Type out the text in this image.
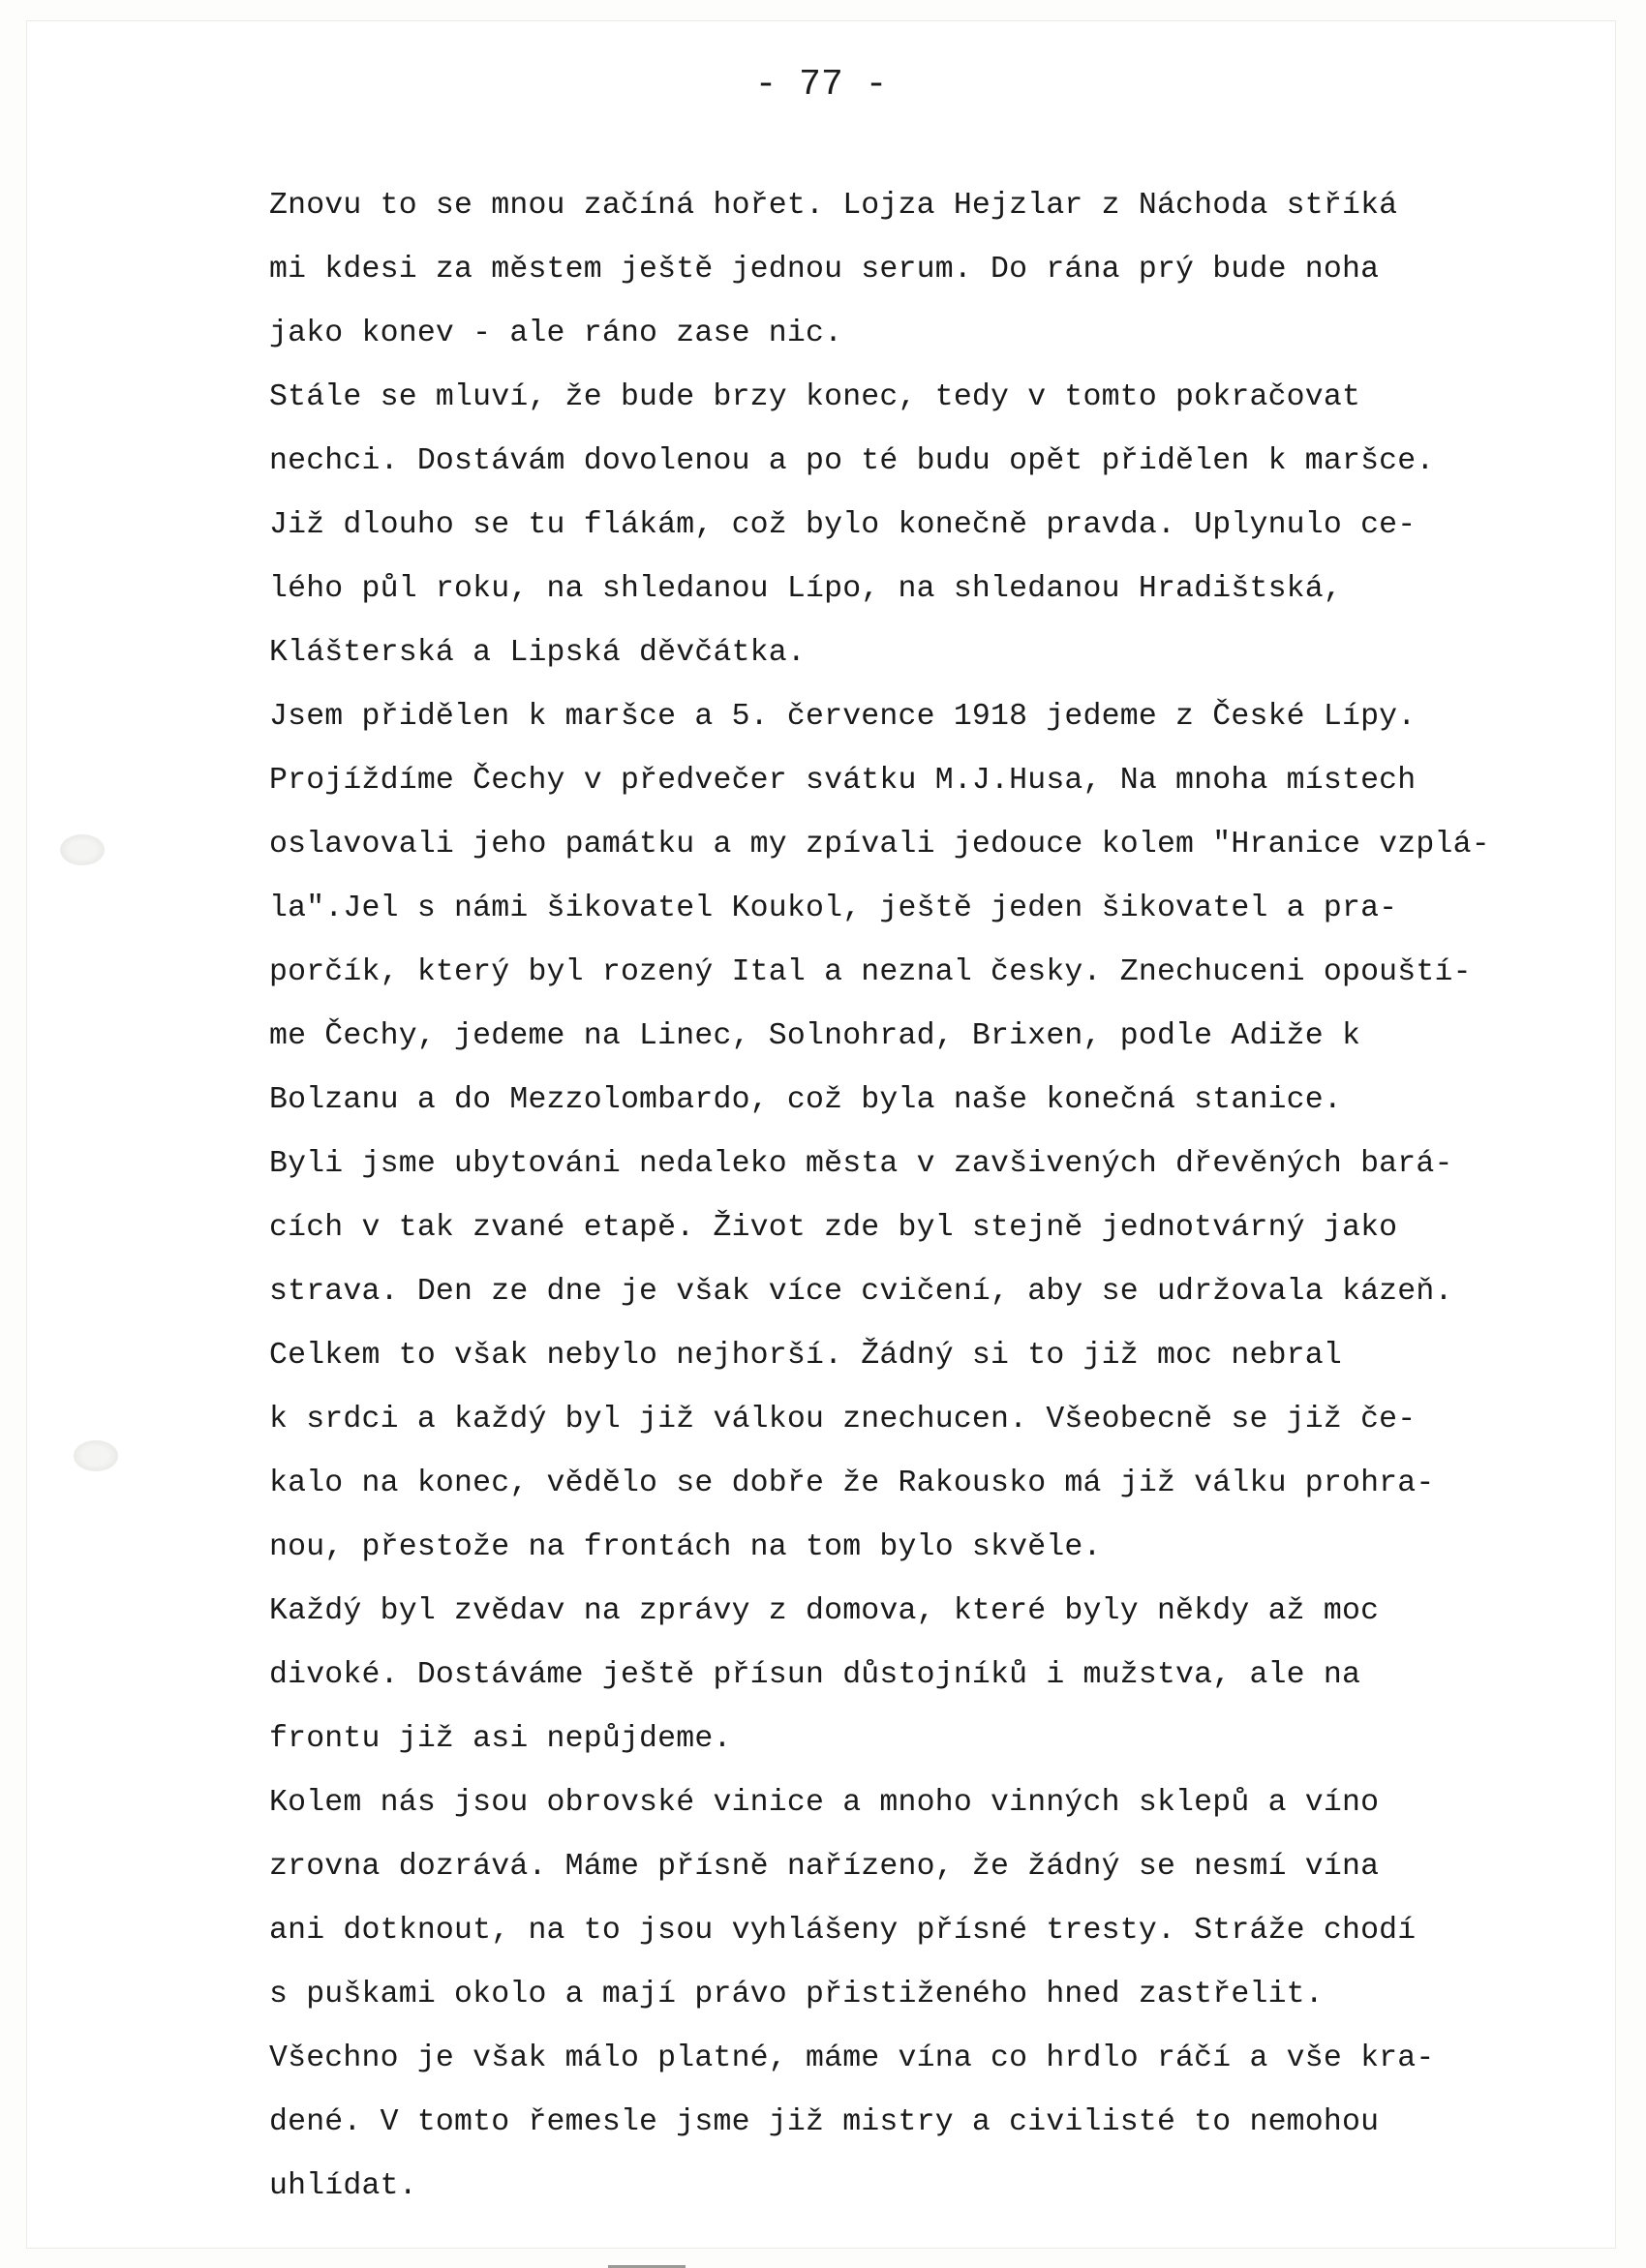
- 77 -
Znovu to se mnou začíná hořet. Lojza Hejzlar z Náchoda stříká
mi kdesi za městem ještě jednou serum. Do rána prý bude noha
jako konev - ale ráno zase nic.
Stále se mluví, že bude brzy konec, tedy v tomto pokračovat
nechci. Dostávám dovolenou a po té budu opět přidělen k maršce.
Již dlouho se tu flákám, což bylo konečně pravda. Uplynulo ce-
lého půl roku, na shledanou Lípo, na shledanou Hradištská,
Klášterská a Lipská děvčátka.
Jsem přidělen k maršce a 5. července 1918 jedeme z České Lípy.
Projíždíme Čechy v předvečer svátku M.J.Husa, Na mnoha místech
oslavovali jeho památku a my zpívali jedouce kolem "Hranice vzplá-
la".Jel s námi šikovatel Koukol, ještě jeden šikovatel a pra-
porčík, který byl rozený Ital a neznal česky. Znechuceni opouští-
me Čechy, jedeme na Linec, Solnohrad, Brixen, podle Adiže k
Bolzanu a do Mezzolombardo, což byla naše konečná stanice.
Byli jsme ubytováni nedaleko města v zavšivených dřevěných bará-
cích v tak zvané etapě. Život zde byl stejně jednotvárný jako
strava. Den ze dne je však více cvičení, aby se udržovala kázeň.
Celkem to však nebylo nejhorší. Žádný si to již moc nebral
k srdci a každý byl již válkou znechucen. Všeobecně se již če-
kalo na konec, vědělo se dobře že Rakousko má již válku prohra-
nou, přestože na frontách na tom bylo skvěle.
Každý byl zvědav na zprávy z domova, které byly někdy až moc
divoké. Dostáváme ještě přísun důstojníků i mužstva, ale na
frontu již asi nepůjdeme.
Kolem nás jsou obrovské vinice a mnoho vinných sklepů a víno
zrovna dozrává. Máme přísně nařízeno, že žádný se nesmí vína
ani dotknout, na to jsou vyhlášeny přísné tresty. Stráže chodí
s puškami okolo a mají právo přistiženého hned zastřelit.
Všechno je však málo platné, máme vína co hrdlo ráčí a vše kra-
dené. V tomto řemesle jsme již mistry a civilisté to nemohou
uhlídat.
